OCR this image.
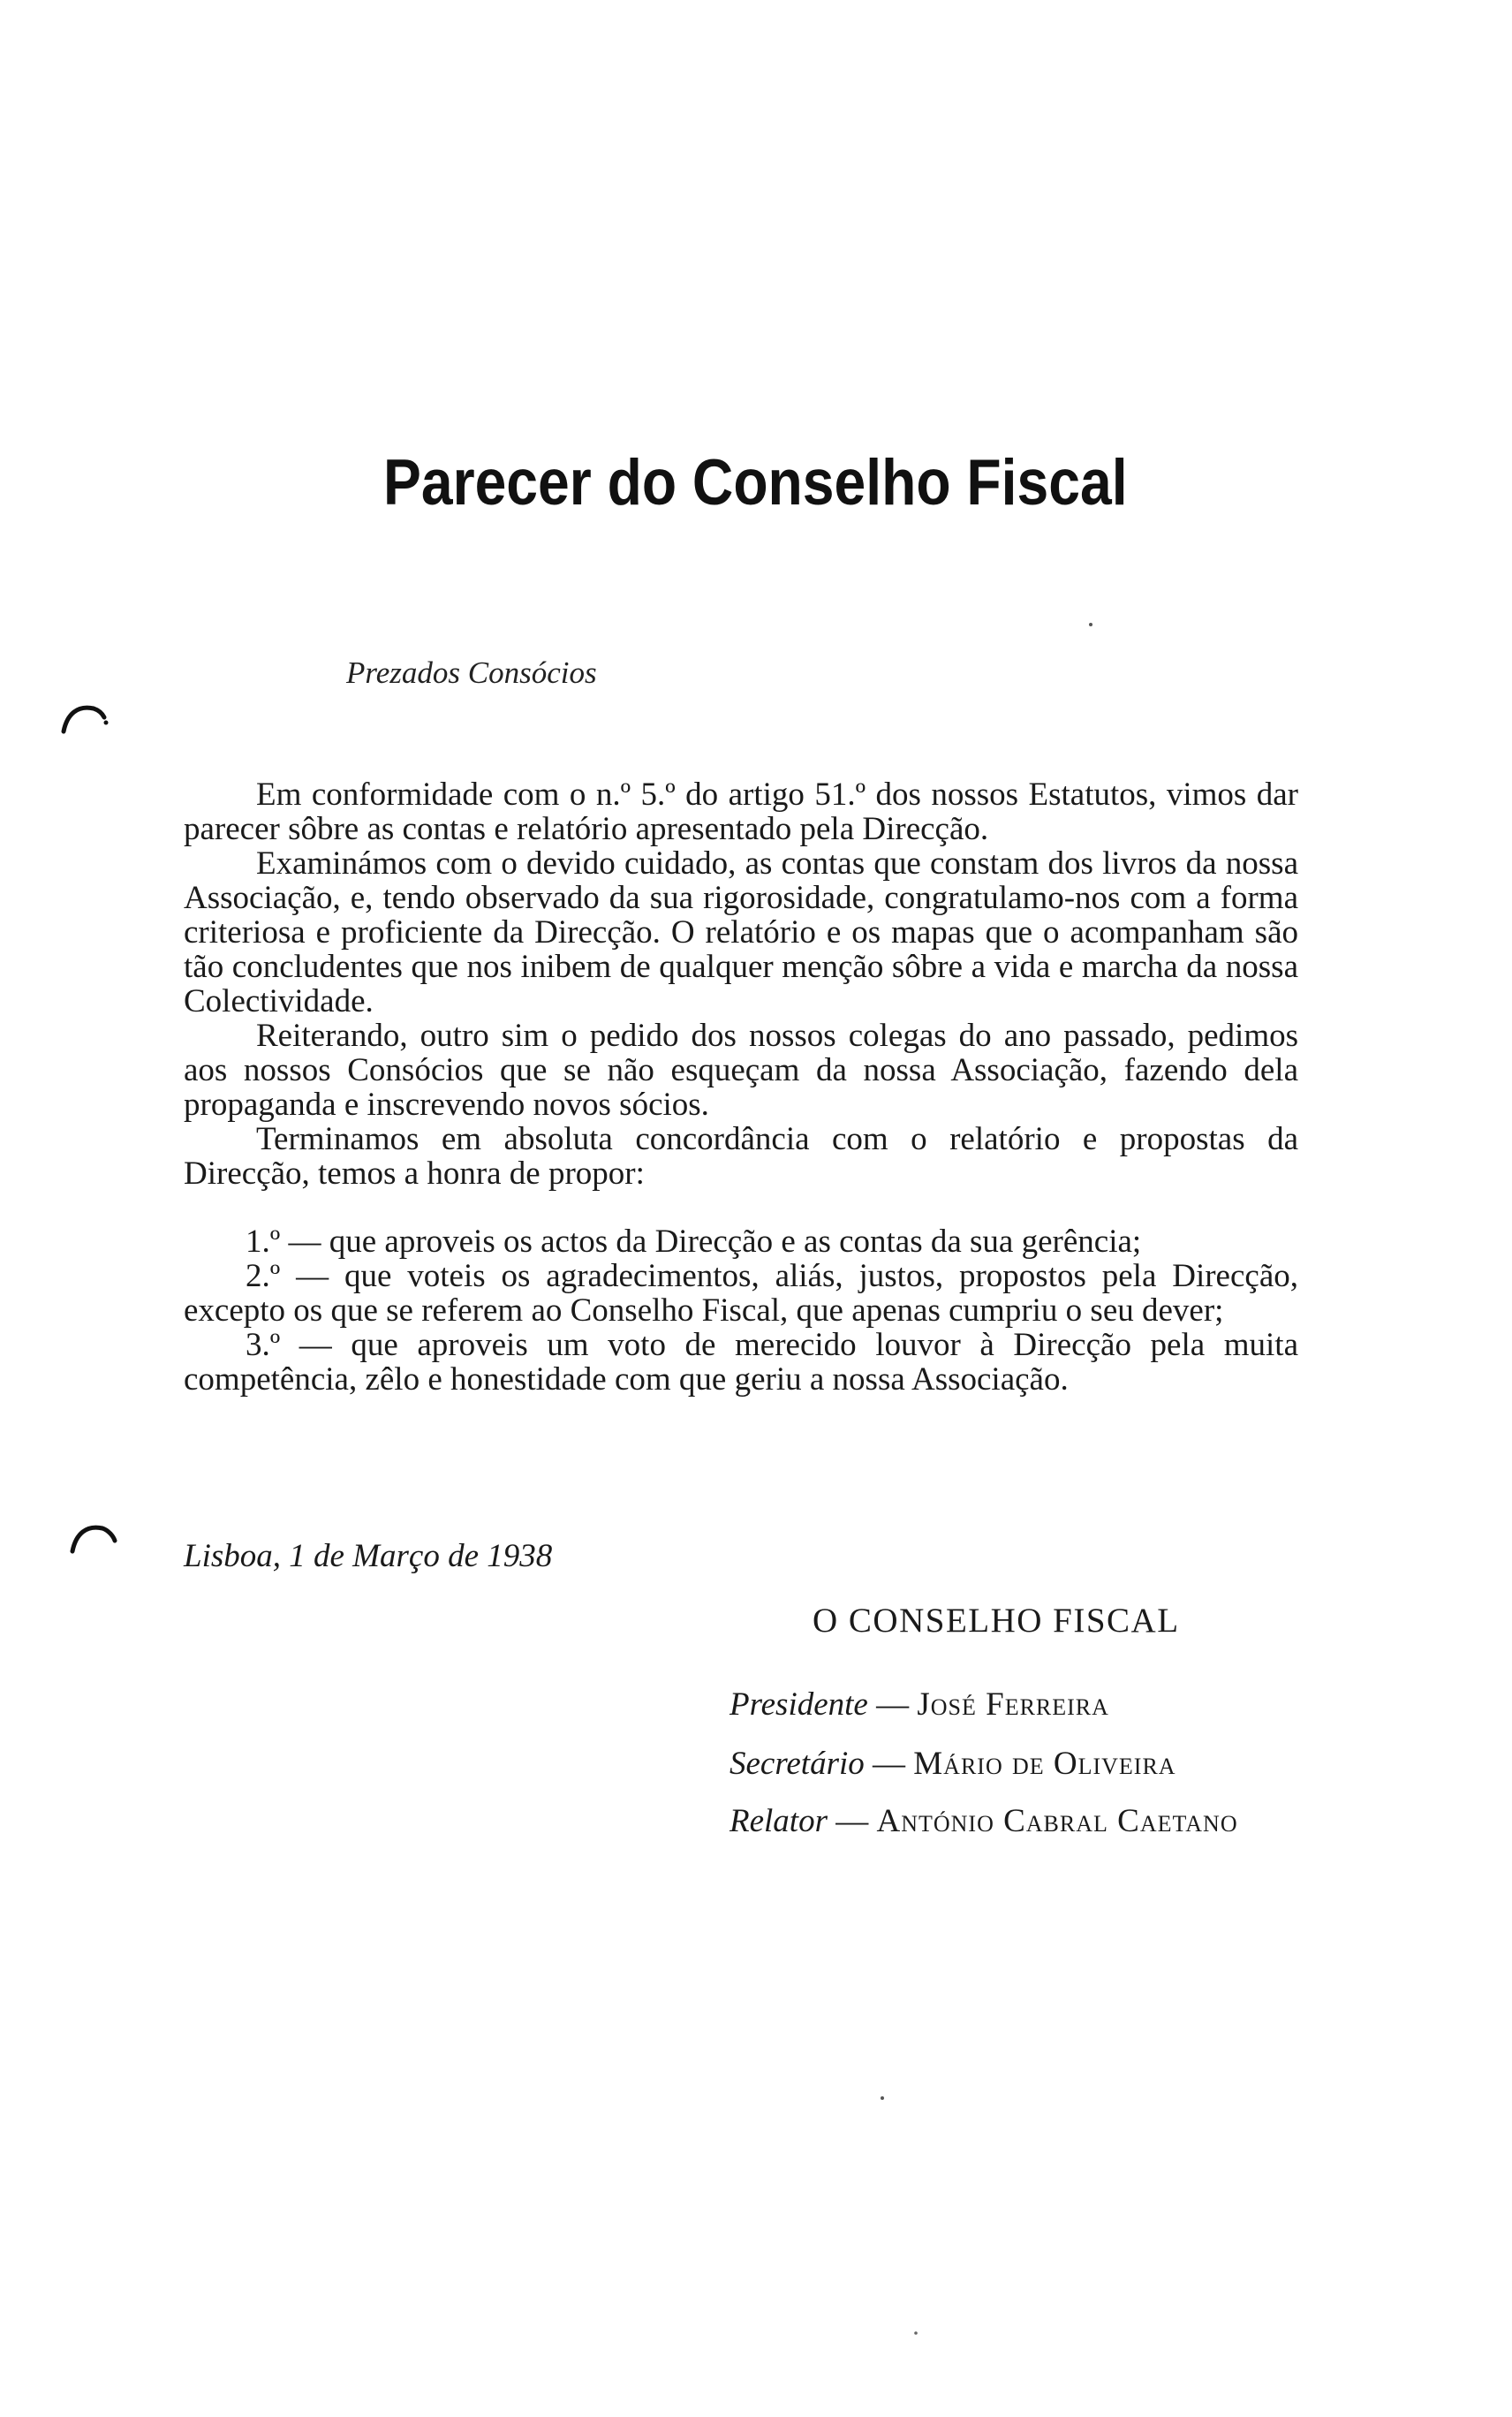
Parecer do Conselho Fiscal
Prezados Consócios

Em conformidade com o n.º 5.º do artigo 51.º dos nossos Estatutos, vimos dar parecer sôbre as contas e relatório apresentado pela Direcção.

Examinámos com o devido cuidado, as contas que constam dos livros da nossa Associação, e, tendo observado da sua rigorosidade, congratulamo-nos com a forma criteriosa e proficiente da Direcção. O relatório e os mapas que o acompanham são tão concludentes que nos inibem de qualquer menção sôbre a vida e marcha da nossa Colectividade.

Reiterando, outro sim o pedido dos nossos colegas do ano passado, pedimos aos nossos Consócios que se não esqueçam da nossa Associação, fazendo dela propaganda e inscrevendo novos sócios.

Terminamos em absoluta concordância com o relatório e propostas da Direcção, temos a honra de propor:

1.º — que aproveis os actos da Direcção e as contas da sua gerência;

2.º — que voteis os agradecimentos, aliás, justos, propostos pela Direcção, excepto os que se referem ao Conselho Fiscal, que apenas cumpriu o seu dever;

3.º — que aproveis um voto de merecido louvor à Direcção pela muita competência, zêlo e honestidade com que geriu a nossa Associação.

Lisboa, 1 de Março de 1938
O CONSELHO FISCAL
Presidente — José Ferreira
Secretário — Mário de Oliveira
Relator — António Cabral Caetano
